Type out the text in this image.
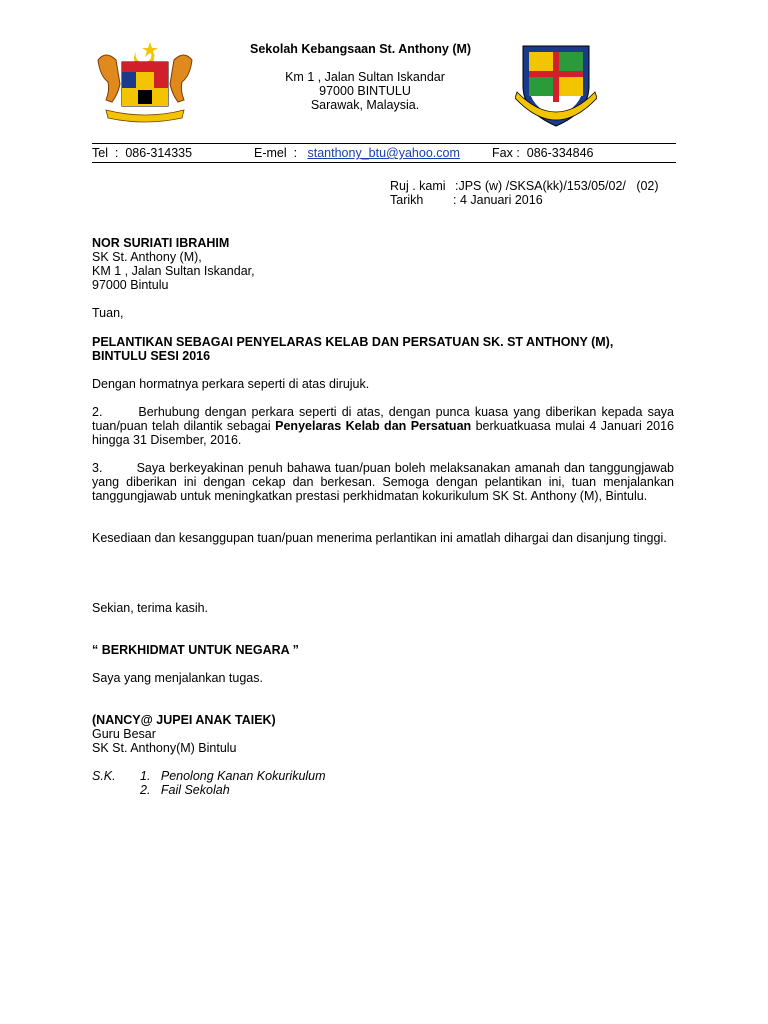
Sekolah Kebangsaan St. Anthony (M)
Km 1 , Jalan Sultan Iskandar
97000 BINTULU
Sarawak, Malaysia.
Tel  :  086-314335	E-mel  :   stanthony_btu@yahoo.com	Fax :  086-334846
Ruj . kami :JPS (w) /SKSA(kk)/153/05/02/   (02)
Tarikh : 4 Januari 2016
NOR SURIATI IBRAHIM
SK St. Anthony (M),
KM 1 , Jalan Sultan Iskandar,
97000 Bintulu
Tuan,
PELANTIKAN SEBAGAI PENYELARAS KELAB DAN PERSATUAN SK. ST ANTHONY (M),
BINTULU SESI 2016
Dengan hormatnya perkara seperti di atas dirujuk.
2.	Berhubung dengan perkara seperti di atas, dengan punca kuasa yang diberikan kepada saya tuan/puan telah dilantik sebagai Penyelaras Kelab dan Persatuan berkuatkuasa mulai 4 Januari 2016 hingga 31 Disember, 2016.
3.	Saya berkeyakinan penuh bahawa tuan/puan boleh melaksanakan amanah dan tanggungjawab yang diberikan ini dengan cekap dan berkesan. Semoga dengan pelantikan ini, tuan menjalankan tanggungjawab untuk meningkatkan prestasi perkhidmatan kokurikulum SK St. Anthony (M), Bintulu.
Kesediaan dan kesanggupan tuan/puan menerima perlantikan ini amatlah dihargai dan disanjung tinggi.
Sekian, terima kasih.
“ BERKHIDMAT UNTUK NEGARA ”
Saya yang menjalankan tugas.
(NANCY@ JUPEI ANAK TAIEK)
Guru Besar
SK St. Anthony(M) Bintulu
S.K. 1. Penolong Kanan Kokurikulum
2. Fail Sekolah
